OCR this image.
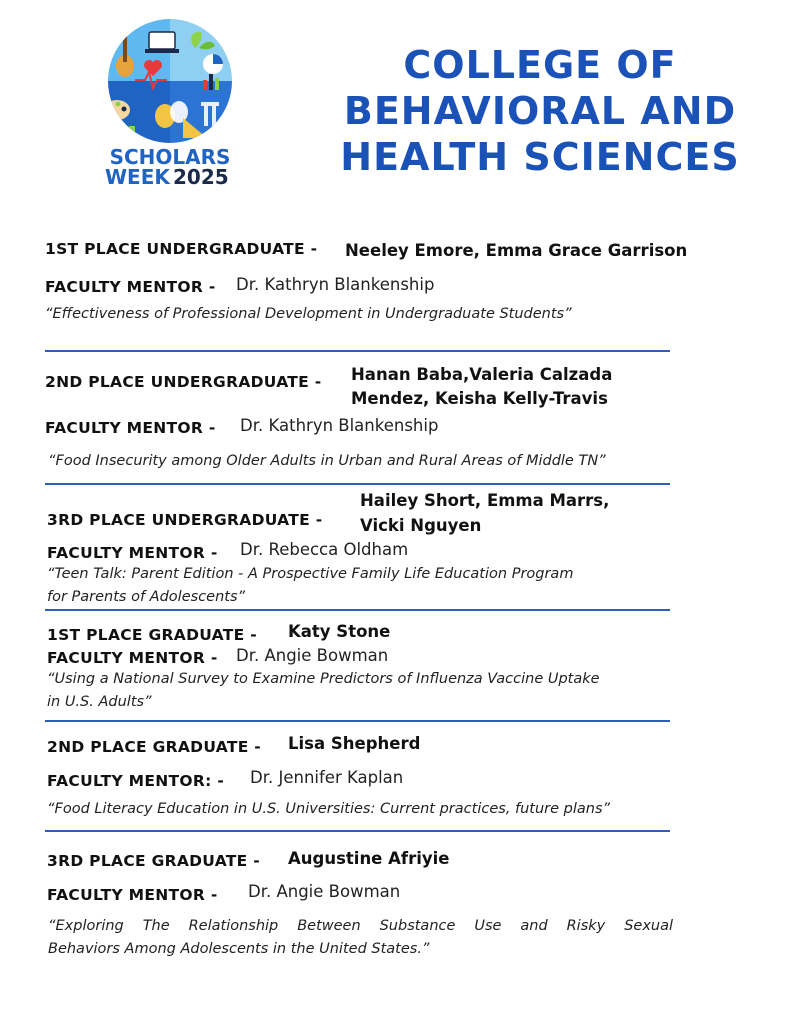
SCHOLARS
WEEK 2025
COLLEGE OF
BEHAVIORAL AND
HEALTH SCIENCES
1ST PLACE UNDERGRADUATE - Neeley Emore, Emma Grace Garrison
FACULTY MENTOR - Dr. Kathryn Blankenship
“Effectiveness of Professional Development in Undergraduate Students”
2ND PLACE UNDERGRADUATE - Hanan Baba,Valeria Calzada
Mendez, Keisha Kelly-Travis
FACULTY MENTOR - Dr. Kathryn Blankenship
“Food Insecurity among Older Adults in Urban and Rural Areas of Middle TN”
3RD PLACE UNDERGRADUATE -
Hailey Short, Emma Marrs,
Vicki Nguyen
FACULTY MENTOR - Dr. Rebecca Oldham
“Teen Talk: Parent Edition - A Prospective Family Life Education Program
for Parents of Adolescents”
1ST PLACE GRADUATE - Katy Stone
FACULTY MENTOR - Dr. Angie Bowman
“Using a National Survey to Examine Predictors of Influenza Vaccine Uptake
in U.S. Adults”
2ND PLACE GRADUATE - Lisa Shepherd
FACULTY MENTOR: - Dr. Jennifer Kaplan
“Food Literacy Education in U.S. Universities: Current practices, future plans”
3RD PLACE GRADUATE - Augustine Afriyie
FACULTY MENTOR - Dr. Angie Bowman
“Exploring The Relationship Between Substance Use and Risky Sexual
Behaviors Among Adolescents in the United States.”
